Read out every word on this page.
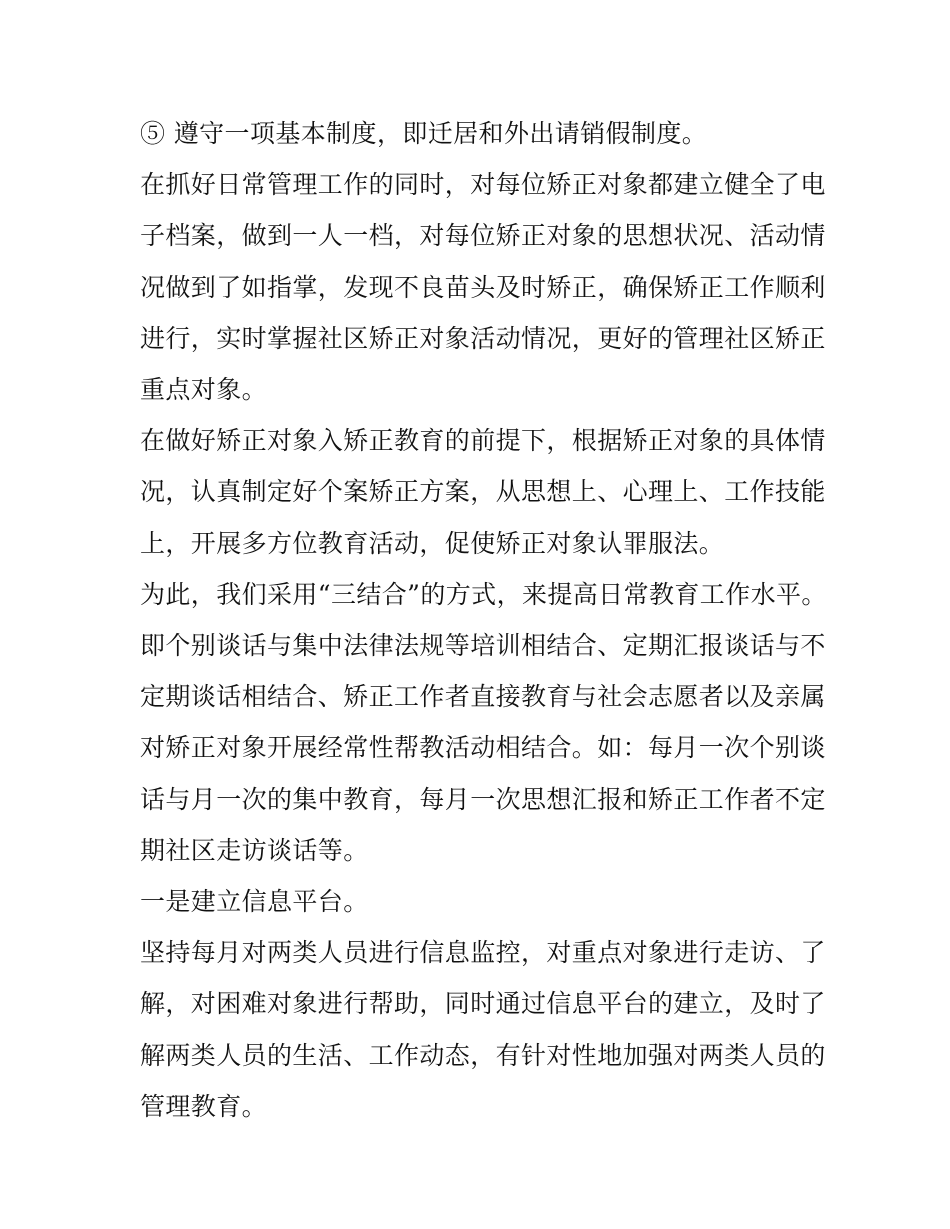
⑤ 遵守一项基本制度，即迁居和外出请销假制度。
在抓好日常管理工作的同时，对每位矫正对象都建立健全了电
子档案，做到一人一档，对每位矫正对象的思想状况、活动情
况做到了如指掌，发现不良苗头及时矫正，确保矫正工作顺利
进行，实时掌握社区矫正对象活动情况，更好的管理社区矫正
重点对象。
在做好矫正对象入矫正教育的前提下，根据矫正对象的具体情
况，认真制定好个案矫正方案，从思想上、心理上、工作技能
上，开展多方位教育活动，促使矫正对象认罪服法。
为此，我们采用“三结合”的方式，来提高日常教育工作水平。
即个别谈话与集中法律法规等培训相结合、定期汇报谈话与不
定期谈话相结合、矫正工作者直接教育与社会志愿者以及亲属
对矫正对象开展经常性帮教活动相结合。如：每月一次个别谈
话与月一次的集中教育，每月一次思想汇报和矫正工作者不定
期社区走访谈话等。
一是建立信息平台。
坚持每月对两类人员进行信息监控，对重点对象进行走访、了
解，对困难对象进行帮助，同时通过信息平台的建立，及时了
解两类人员的生活、工作动态，有针对性地加强对两类人员的
管理教育。
